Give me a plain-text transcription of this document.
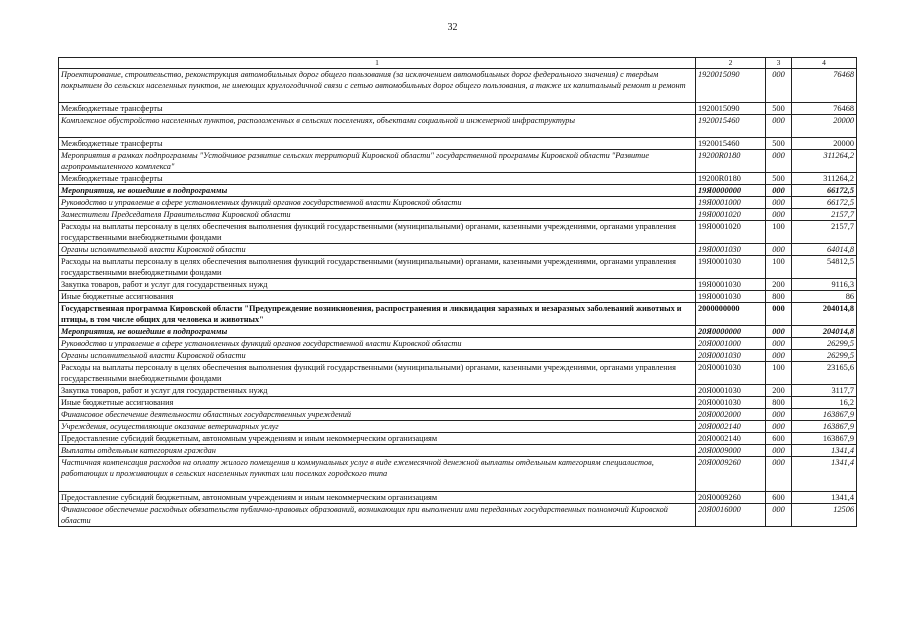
32
1	2	3	4
Проектирование, строительство, реконструкция автомобильных дорог общего пользования (за исключением автомобильных дорог федерального значения) с твердым покрытием до сельских населенных пунктов, не имеющих круглогодичной связи с сетью автомобильных дорог общего пользования, а также их капитальный ремонт и ремонт	1920015090	000	76468
Межбюджетные трансферты	1920015090	500	76468
Комплексное обустройство населенных пунктов, расположенных в сельских поселениях, объектами социальной и инженерной инфраструктуры	1920015460	000	20000
Межбюджетные трансферты	1920015460	500	20000
Мероприятия в рамках подпрограммы "Устойчивое развитие сельских территорий Кировской области" государственной программы Кировской области "Развитие агропромышленного комплекса"	19200R0180	000	311264,2
Межбюджетные трансферты	19200R0180	500	311264,2
Мероприятия, не вошедшие в подпрограммы	19Я0000000	000	66172,5
Руководство и управление в сфере установленных функций органов государственной власти Кировской области	19Я0001000	000	66172,5
Заместители Председателя Правительства Кировской области	19Я0001020	000	2157,7
Расходы на выплаты персоналу в целях обеспечения выполнения функций государственными (муниципальными) органами, казенными учреждениями, органами управления государственными внебюджетными фондами	19Я0001020	100	2157,7
Органы исполнительной власти Кировской области	19Я0001030	000	64014,8
Расходы на выплаты персоналу в целях обеспечения выполнения функций государственными (муниципальными) органами, казенными учреждениями, органами управления государственными внебюджетными фондами	19Я0001030	100	54812,5
Закупка товаров, работ и услуг для государственных нужд	19Я0001030	200	9116,3
Иные бюджетные ассигнования	19Я0001030	800	86
Государственная программа Кировской области "Предупреждение возникновения, распространения и ликвидация заразных и незаразных заболеваний животных и птицы, в том числе общих для человека и животных"	2000000000	000	204014,8
Мероприятия, не вошедшие в подпрограммы	20Я0000000	000	204014,8
Руководство и управление в сфере установленных функций органов государственной власти Кировской области	20Я0001000	000	26299,5
Органы исполнительной власти Кировской области	20Я0001030	000	26299,5
Расходы на выплаты персоналу в целях обеспечения выполнения функций государственными (муниципальными) органами, казенными учреждениями, органами управления государственными внебюджетными фондами	20Я0001030	100	23165,6
Закупка товаров, работ и услуг для государственных нужд	20Я0001030	200	3117,7
Иные бюджетные ассигнования	20Я0001030	800	16,2
Финансовое обеспечение деятельности областных государственных учреждений	20Я0002000	000	163867,9
Учреждения, осуществляющие оказание ветеринарных услуг	20Я0002140	000	163867,9
Предоставление субсидий бюджетным, автономным учреждениям и иным некоммерческим организациям	20Я0002140	600	163867,9
Выплаты отдельным категориям граждан	20Я0009000	000	1341,4
Частичная компенсация расходов на оплату жилого помещения и коммунальных услуг в виде ежемесячной денежной выплаты отдельным категориям специалистов, работающих и проживающих в сельских населенных пунктах или поселках городского типа	20Я0009260	000	1341,4
Предоставление субсидий бюджетным, автономным учреждениям и иным некоммерческим организациям	20Я0009260	600	1341,4
Финансовое обеспечение расходных обязательств публично-правовых образований, возникающих при выполнении ими переданных государственных полномочий Кировской области	20Я0016000	000	12506
